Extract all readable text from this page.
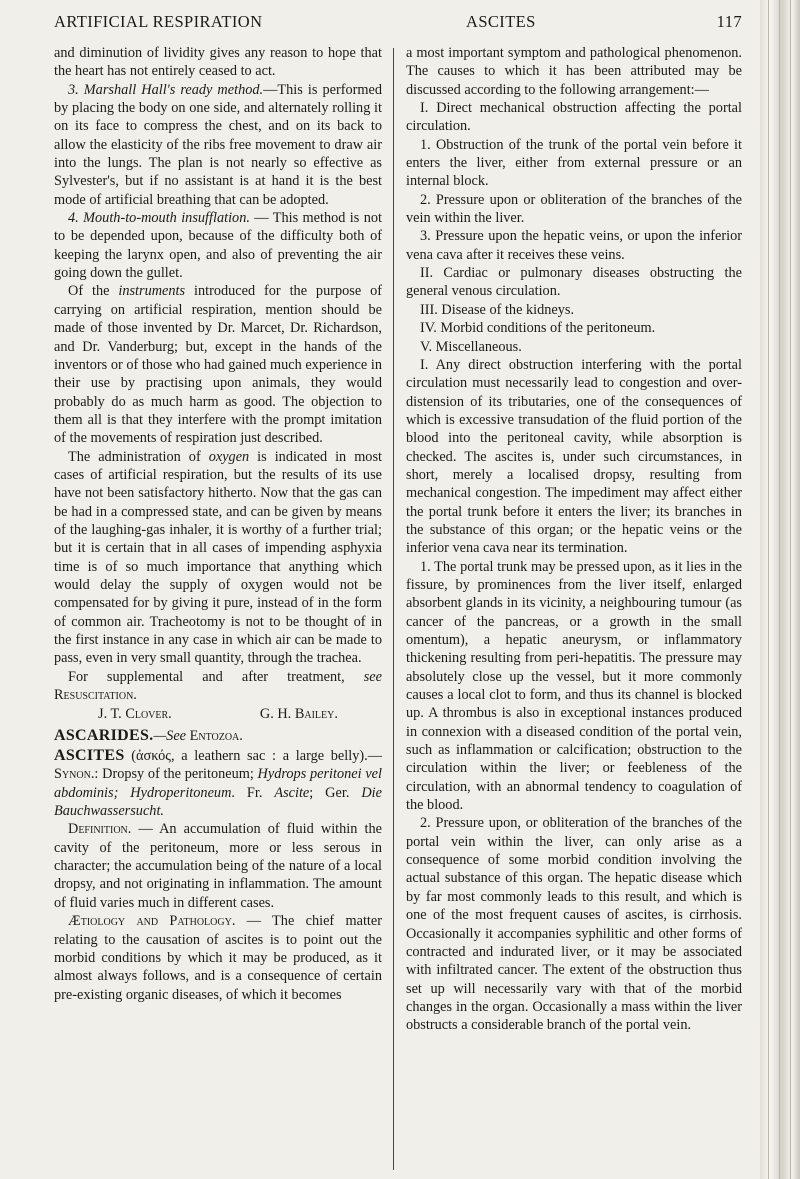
ARTIFICIAL RESPIRATION	ASCITES	117

and diminution of lividity gives any reason to hope that the heart has not entirely ceased to act.

3. Marshall Hall's ready method.—This is performed by placing the body on one side, and alternately rolling it on its face to compress the chest, and on its back to allow the elasticity of the ribs free movement to draw air into the lungs. The plan is not nearly so effective as Sylvester's, but if no assistant is at hand it is the best mode of artificial breathing that can be adopted.

4. Mouth-to-mouth insufflation. — This method is not to be depended upon, because of the difficulty both of keeping the larynx open, and also of preventing the air going down the gullet.

Of the instruments introduced for the purpose of carrying on artificial respiration, mention should be made of those invented by Dr. Marcet, Dr. Richardson, and Dr. Vanderburg; but, except in the hands of the inventors or of those who had gained much experience in their use by practising upon animals, they would probably do as much harm as good. The objection to them all is that they interfere with the prompt imitation of the movements of respiration just described.

The administration of oxygen is indicated in most cases of artificial respiration, but the results of its use have not been satisfactory hitherto. Now that the gas can be had in a compressed state, and can be given by means of the laughing-gas inhaler, it is worthy of a further trial; but it is certain that in all cases of impending asphyxia time is of so much importance that anything which would delay the supply of oxygen would not be compensated for by giving it pure, instead of in the form of common air. Tracheotomy is not to be thought of in the first instance in any case in which air can be made to pass, even in very small quantity, through the trachea.

For supplemental and after treatment, see Resuscitation.

J. T. Clover.	G. H. Bailey.

ASCARIDES.—See Entozoa.

ASCITES (ἀσκός, a leathern sac : a large belly).—Synon.: Dropsy of the peritoneum; Hydrops peritonei vel abdominis; Hydroperitoneum. Fr. Ascite; Ger. Die Bauchwassersucht.

Definition. — An accumulation of fluid within the cavity of the peritoneum, more or less serous in character; the accumulation being of the nature of a local dropsy, and not originating in inflammation. The amount of fluid varies much in different cases.

Ætiology and Pathology. — The chief matter relating to the causation of ascites is to point out the morbid conditions by which it may be produced, as it almost always follows, and is a consequence of certain pre-existing organic diseases, of which it becomes

a most important symptom and pathological phenomenon. The causes to which it has been attributed may be discussed according to the following arrangement:—

I. Direct mechanical obstruction affecting the portal circulation.

1. Obstruction of the trunk of the portal vein before it enters the liver, either from external pressure or an internal block.

2. Pressure upon or obliteration of the branches of the vein within the liver.

3. Pressure upon the hepatic veins, or upon the inferior vena cava after it receives these veins.

II. Cardiac or pulmonary diseases obstructing the general venous circulation.

III. Disease of the kidneys.

IV. Morbid conditions of the peritoneum.

V. Miscellaneous.

I. Any direct obstruction interfering with the portal circulation must necessarily lead to congestion and over-distension of its tributaries, one of the consequences of which is excessive transudation of the fluid portion of the blood into the peritoneal cavity, while absorption is checked. The ascites is, under such circumstances, in short, merely a localised dropsy, resulting from mechanical congestion. The impediment may affect either the portal trunk before it enters the liver; its branches in the substance of this organ; or the hepatic veins or the inferior vena cava near its termination.

1. The portal trunk may be pressed upon, as it lies in the fissure, by prominences from the liver itself, enlarged absorbent glands in its vicinity, a neighbouring tumour (as cancer of the pancreas, or a growth in the small omentum), a hepatic aneurysm, or inflammatory thickening resulting from peri-hepatitis. The pressure may absolutely close up the vessel, but it more commonly causes a local clot to form, and thus its channel is blocked up. A thrombus is also in exceptional instances produced in connexion with a diseased condition of the portal vein, such as inflammation or calcification; obstruction to the circulation within the liver; or feebleness of the circulation, with an abnormal tendency to coagulation of the blood.

2. Pressure upon, or obliteration of the branches of the portal vein within the liver, can only arise as a consequence of some morbid condition involving the actual substance of this organ. The hepatic disease which by far most commonly leads to this result, and which is one of the most frequent causes of ascites, is cirrhosis. Occasionally it accompanies syphilitic and other forms of contracted and indurated liver, or it may be associated with infiltrated cancer. The extent of the obstruction thus set up will necessarily vary with that of the morbid changes in the organ. Occasionally a mass within the liver obstructs a considerable branch of the portal vein.
